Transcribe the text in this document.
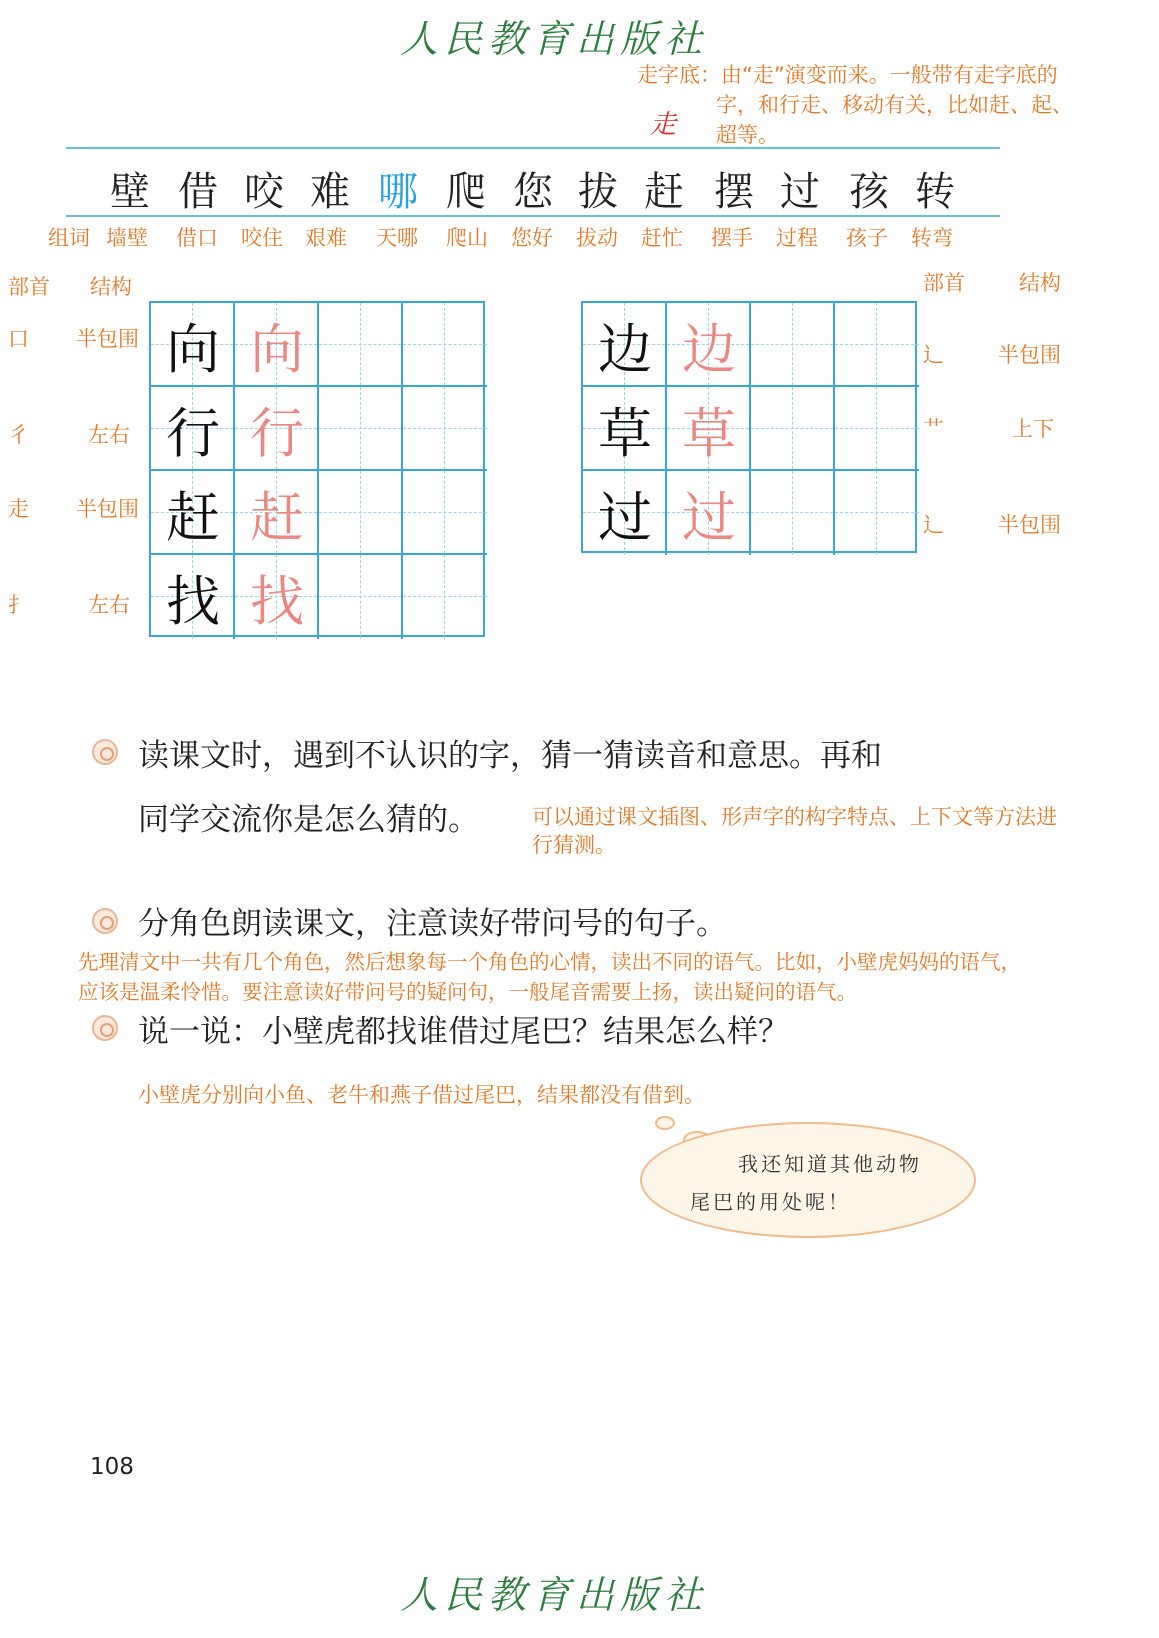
人民教育出版社
走字底：由“走”演变而来。一般带有走字底的
字，和行走、移动有关，比如赶、起、
超等。
走
壁 借 咬 难 哪 爬 您 拔 赶 摆 过 孩 转
组词 墙壁 借口 咬住 艰难 天哪 爬山 您好 拔动 赶忙 摆手 过程 孩子 转弯
部首 结构
口 半包围
彳	左右
走 半包围
扌	左右
向 向
行 行
赶 赶
找 找
边 边
草 草
过 过
部首	结构
辶	半包围
艹	上下
辶	半包围
读课文时，遇到不认识的字，猜一猜读音和意思。再和
同学交流你是怎么猜的。	可以通过课文插图、形声字的构字特点、上下文等方法进
行猜测。
分角色朗读课文，注意读好带问号的句子。
先理清文中一共有几个角色，然后想象每一个角色的心情，读出不同的语气。比如，小壁虎妈妈的语气，
应该是温柔怜惜。要注意读好带问号的疑问句，一般尾音需要上扬，读出疑问的语气。
说一说：小壁虎都找谁借过尾巴？结果怎么样？
小壁虎分别向小鱼、老牛和燕子借过尾巴，结果都没有借到。
我还知道其他动物
尾巴的用处呢！
108
人民教育出版社
